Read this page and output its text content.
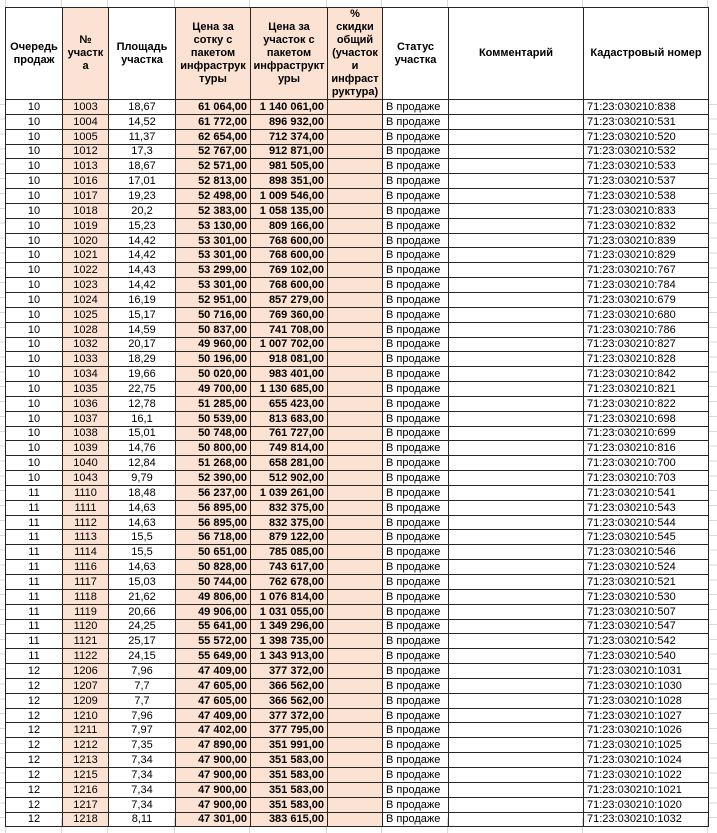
Очередь продаж	№ участка	Площадь участка	Цена за сотку с пакетом инфраструктуры	Цена за участок с пакетом инфраструктуры	% скидки общий (участок и инфраструктура)	Статус участка	Комментарий	Кадастровый номер
10	1003	18,67	61 064,00	1 140 061,00		В продаже		71:23:030210:838
10	1004	14,52	61 772,00	896 932,00		В продаже		71:23:030210:531
10	1005	11,37	62 654,00	712 374,00		В продаже		71:23:030210:520
10	1012	17,3	52 767,00	912 871,00		В продаже		71:23:030210:532
10	1013	18,67	52 571,00	981 505,00		В продаже		71:23:030210:533
10	1016	17,01	52 813,00	898 351,00		В продаже		71:23:030210:537
10	1017	19,23	52 498,00	1 009 546,00		В продаже		71:23:030210:538
10	1018	20,2	52 383,00	1 058 135,00		В продаже		71:23:030210:833
10	1019	15,23	53 130,00	809 166,00		В продаже		71:23:030210:832
10	1020	14,42	53 301,00	768 600,00		В продаже		71:23:030210:839
10	1021	14,42	53 301,00	768 600,00		В продаже		71:23:030210:829
10	1022	14,43	53 299,00	769 102,00		В продаже		71:23:030210:767
10	1023	14,42	53 301,00	768 600,00		В продаже		71:23:030210:784
10	1024	16,19	52 951,00	857 279,00		В продаже		71:23:030210:679
10	1025	15,17	50 716,00	769 360,00		В продаже		71:23:030210:680
10	1028	14,59	50 837,00	741 708,00		В продаже		71:23:030210:786
10	1032	20,17	49 960,00	1 007 702,00		В продаже		71:23:030210:827
10	1033	18,29	50 196,00	918 081,00		В продаже		71:23:030210:828
10	1034	19,66	50 020,00	983 401,00		В продаже		71:23:030210:842
10	1035	22,75	49 700,00	1 130 685,00		В продаже		71:23:030210:821
10	1036	12,78	51 285,00	655 423,00		В продаже		71:23:030210:822
10	1037	16,1	50 539,00	813 683,00		В продаже		71:23:030210:698
10	1038	15,01	50 748,00	761 727,00		В продаже		71:23:030210:699
10	1039	14,76	50 800,00	749 814,00		В продаже		71:23:030210:816
10	1040	12,84	51 268,00	658 281,00		В продаже		71:23:030210:700
10	1043	9,79	52 390,00	512 902,00		В продаже		71:23:030210:703
11	1110	18,48	56 237,00	1 039 261,00		В продаже		71:23:030210:541
11	1111	14,63	56 895,00	832 375,00		В продаже		71:23:030210:543
11	1112	14,63	56 895,00	832 375,00		В продаже		71:23:030210:544
11	1113	15,5	56 718,00	879 122,00		В продаже		71:23:030210:545
11	1114	15,5	50 651,00	785 085,00		В продаже		71:23:030210:546
11	1116	14,63	50 828,00	743 617,00		В продаже		71:23:030210:524
11	1117	15,03	50 744,00	762 678,00		В продаже		71:23:030210:521
11	1118	21,62	49 806,00	1 076 814,00		В продаже		71:23:030210:530
11	1119	20,66	49 906,00	1 031 055,00		В продаже		71:23:030210:507
11	1120	24,25	55 641,00	1 349 296,00		В продаже		71:23:030210:547
11	1121	25,17	55 572,00	1 398 735,00		В продаже		71:23:030210:542
11	1122	24,15	55 649,00	1 343 913,00		В продаже		71:23:030210:540
12	1206	7,96	47 409,00	377 372,00		В продаже		71:23:030210:1031
12	1207	7,7	47 605,00	366 562,00		В продаже		71:23:030210:1030
12	1209	7,7	47 605,00	366 562,00		В продаже		71:23:030210:1028
12	1210	7,96	47 409,00	377 372,00		В продаже		71:23:030210:1027
12	1211	7,97	47 402,00	377 795,00		В продаже		71:23:030210:1026
12	1212	7,35	47 890,00	351 991,00		В продаже		71:23:030210:1025
12	1213	7,34	47 900,00	351 583,00		В продаже		71:23:030210:1024
12	1215	7,34	47 900,00	351 583,00		В продаже		71:23:030210:1022
12	1216	7,34	47 900,00	351 583,00		В продаже		71:23:030210:1021
12	1217	7,34	47 900,00	351 583,00		В продаже		71:23:030210:1020
12	1218	8,11	47 301,00	383 615,00		В продаже		71:23:030210:1032
